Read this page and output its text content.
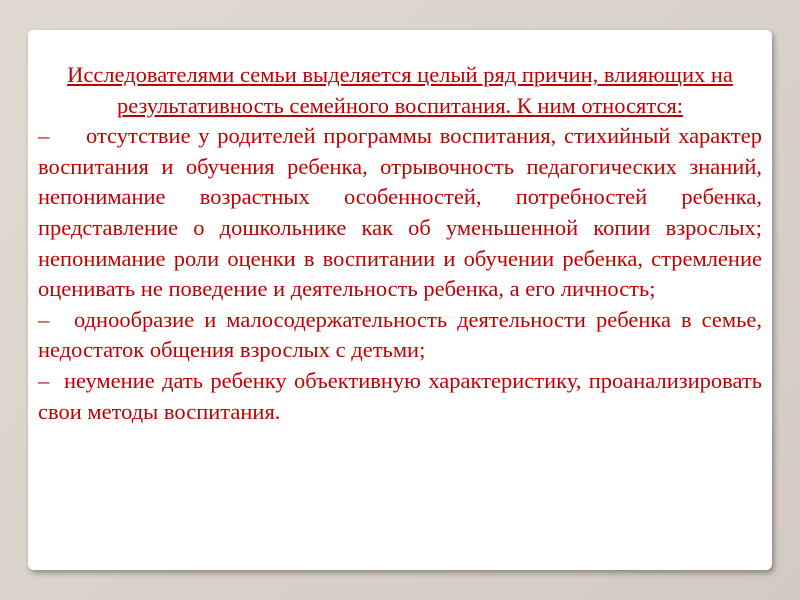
Исследователями семьи выделяется целый ряд причин, влияющих на результативность семейного воспитания. К ним относятся:

– отсутствие у родителей программы воспитания, стихийный характер воспитания и обучения ребенка, отрывочность педагогических знаний, непонимание возрастных особенностей, потребностей ребенка, представление о дошкольнике как об уменьшенной копии взрослых; непонимание роли оценки в воспитании и обучении ребенка, стремление оценивать не поведение и деятельность ребенка, а его личность;

– однообразие и малосодержательность деятельности ребенка в семье, недостаток общения взрослых с детьми;

– неумение дать ребенку объективную характеристику, проанализировать свои методы воспитания.
